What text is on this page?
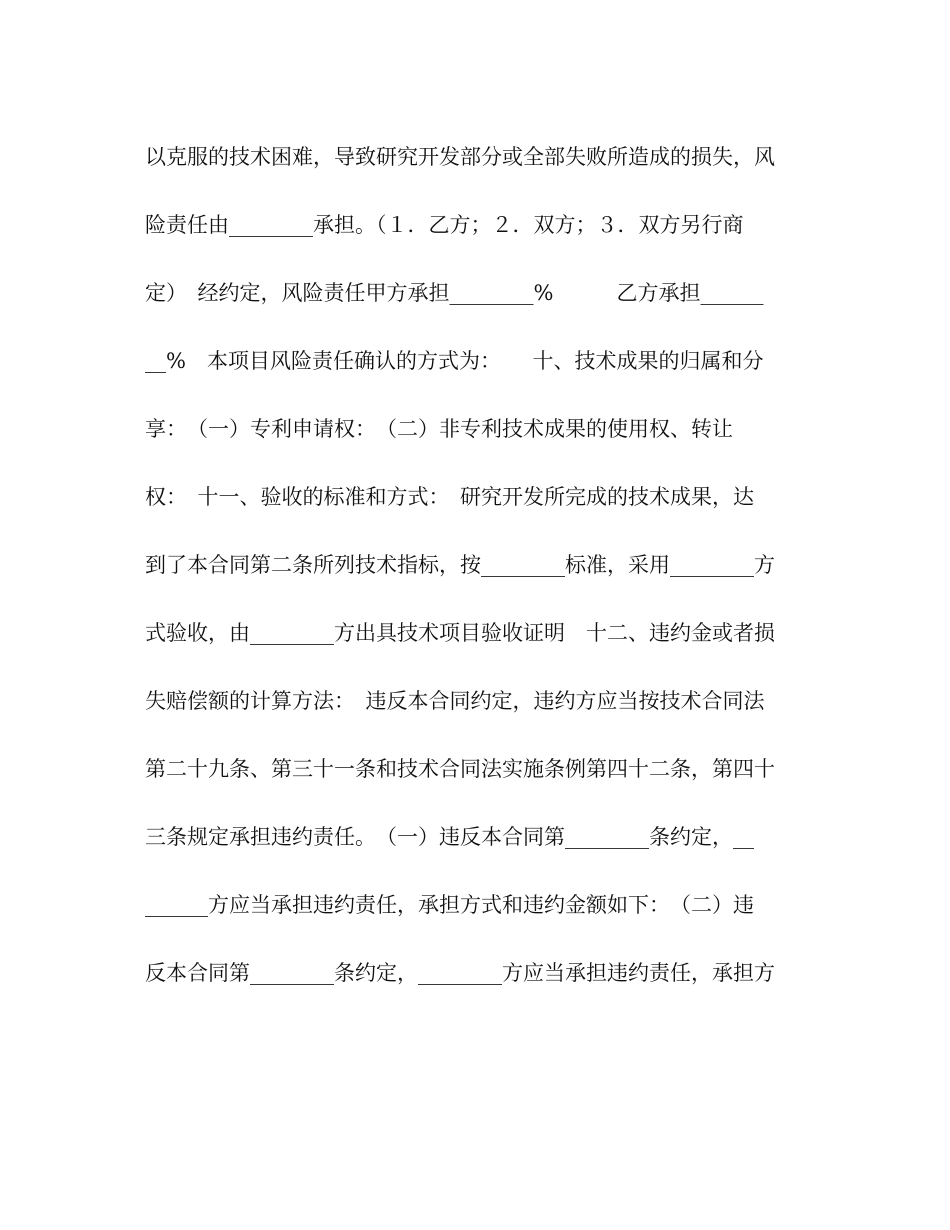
以克服的技术困难，导致研究开发部分或全部失败所造成的损失，风
险责任由________承担。（１．乙方；２．双方；３．双方另行商
定）　经约定，风险责任甲方承担________%　　　乙方承担______
__%　本项目风险责任确认的方式为：　　十、技术成果的归属和分
享：　（一）专利申请权：　（二）非专利技术成果的使用权、转让
权：　十一、验收的标准和方式：　研究开发所完成的技术成果，达
到了本合同第二条所列技术指标，按________标准，采用________方
式验收，由________方出具技术项目验收证明　十二、违约金或者损
失赔偿额的计算方法：　违反本合同约定，违约方应当按技术合同法
第二十九条、第三十一条和技术合同法实施条例第四十二条，第四十
三条规定承担违约责任。　（一）违反本合同第________条约定，__
______方应当承担违约责任，承担方式和违约金额如下：　（二）违
反本合同第________条约定，________方应当承担违约责任，承担方
